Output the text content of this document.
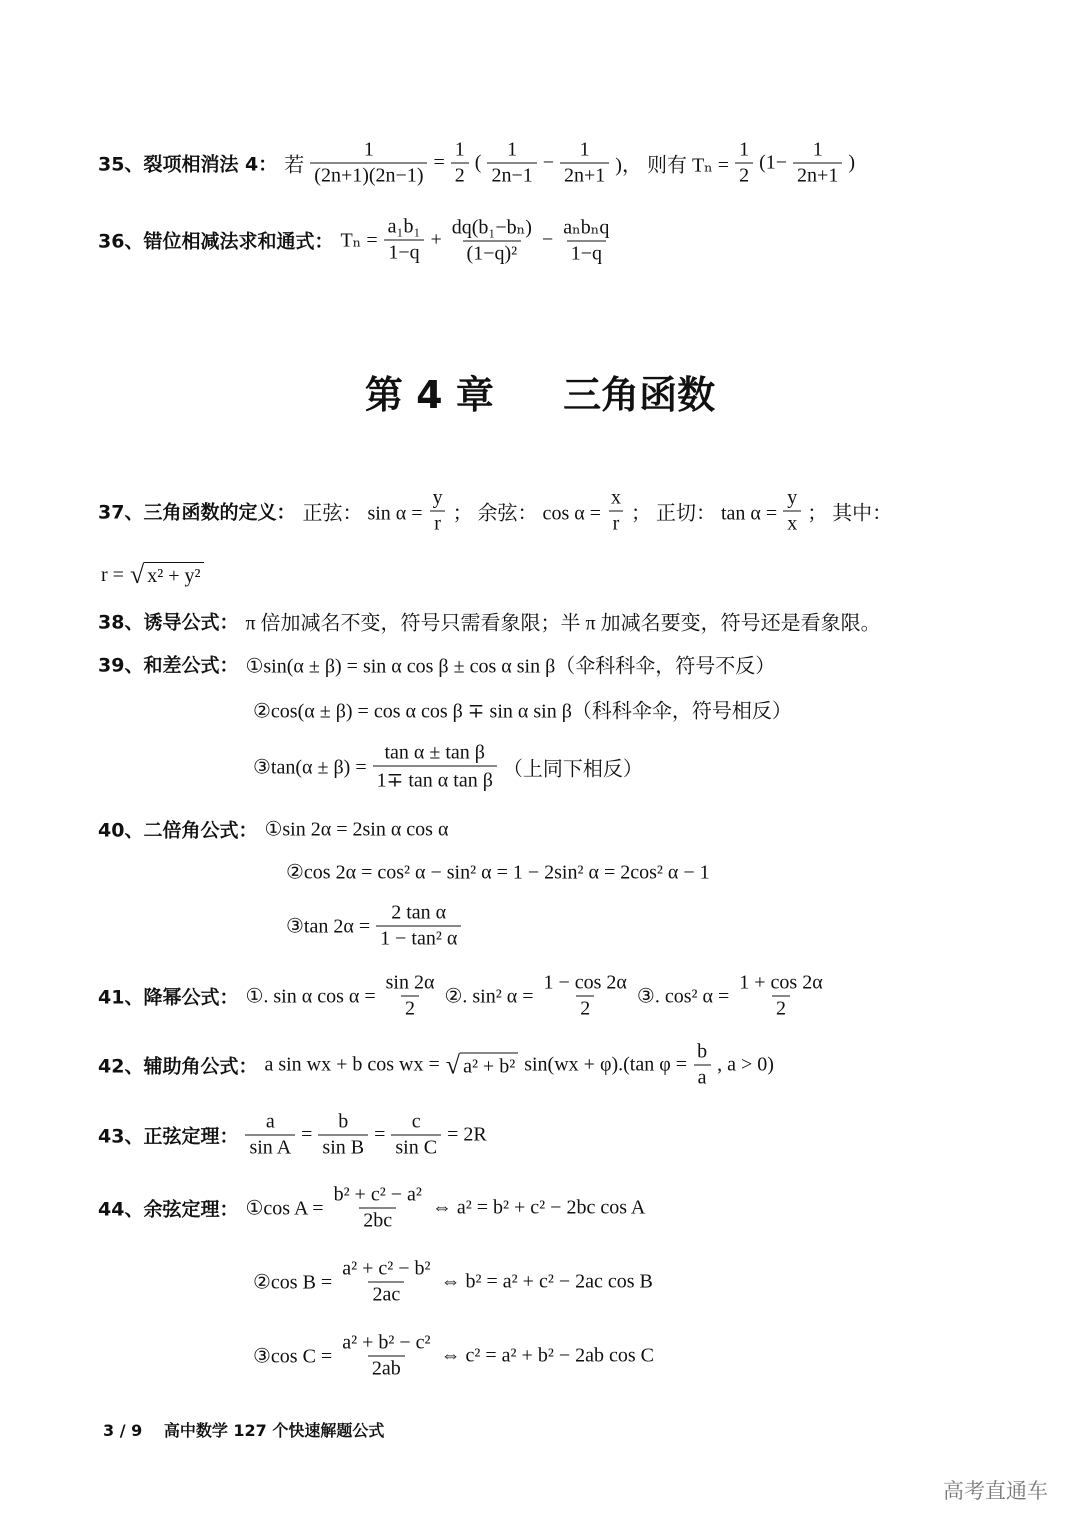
35、裂项相消法 4： 若 $\frac{1}{(2n+1)(2n-1)} = \frac{1}{2}$ ( $\frac{1}{2n-1} - \frac{1}{2n+1}$ )， 则有 $T_n = \frac{1}{2} (1- \frac{1}{2n+1}$ )
36、错位相减法求和通式： $T_n = \frac{\text{a₁b₁}}{1-q} + \frac{\text{dq(b₁−bₙ)}}{\text{(1−q)²}} - \frac{\text{aₙbₙq}}{1-q}$
37、三角函数的定义： 正弦： $\sin \alpha = \frac{y}{r}$ ； 余弦： $\cos \alpha = \frac{x}{r}$ ； 正切： $\tan \alpha = \frac{y}{x}$ ； 其中：
r = √ x² + y²
38、诱导公式： π 倍加减名不变，符号只需看象限；半 π 加减名要变，符号还是看象限。
39、和差公式： ①sin(α ± β) = sin α cos β ± cos α sin β（伞科科伞，符号不反）
②cos(α ± β) = cos α cos β ∓ sin α sin β（科科伞伞，符号相反）
③tan(α ± $\beta) = \frac{\text{tan α ± tan β}}{\text{1∓ tan α tan β}}$ （上同下相反）
40、二倍角公式： ①sin 2α = 2sin α cos α
②cos 2α = cos² α − sin² α = 1 − 2sin² α = 2cos² α − 1
③tan $2\alpha = \frac{\text{2 tan α}}{\text{1 − tan² α}}$
41、降幂公式： ①. sin α $\cos \alpha = \frac{\sin 2\alpha}{2}$ ②. sin² $\alpha = \frac{1 - \cos 2\alpha}{2}$ ③. cos² $\alpha = \frac{1 + \cos 2\alpha}{2}$
42、辅助角公式： a sin wx + b cos wx = √ a² + b² sin(wx + φ).(tan $\varphi = \frac{b}{a}$ , a > 0)
43、正弦定理： $\frac{a}{\text{sin A}} = \frac{b}{\text{sin B}} = \frac{c}{\text{sin C}} = 2R$
44、余弦定理： ①cos $A = \frac{\text{b² + c² − a²}}{2bc}$ ⇔ a² = b² + c² − 2bc cos A
②cos $B = \frac{\text{a² + c² − b²}}{2ac}$ ⇔ b² = a² + c² − 2ac cos B
③cos $C = \frac{\text{a² + b² − c²}}{2ab}$ ⇔ c² = a² + b² − 2ab cos C
第 4 章 三角函数
3 / 9 高中数学 127 个快速解题公式
高考直通车
